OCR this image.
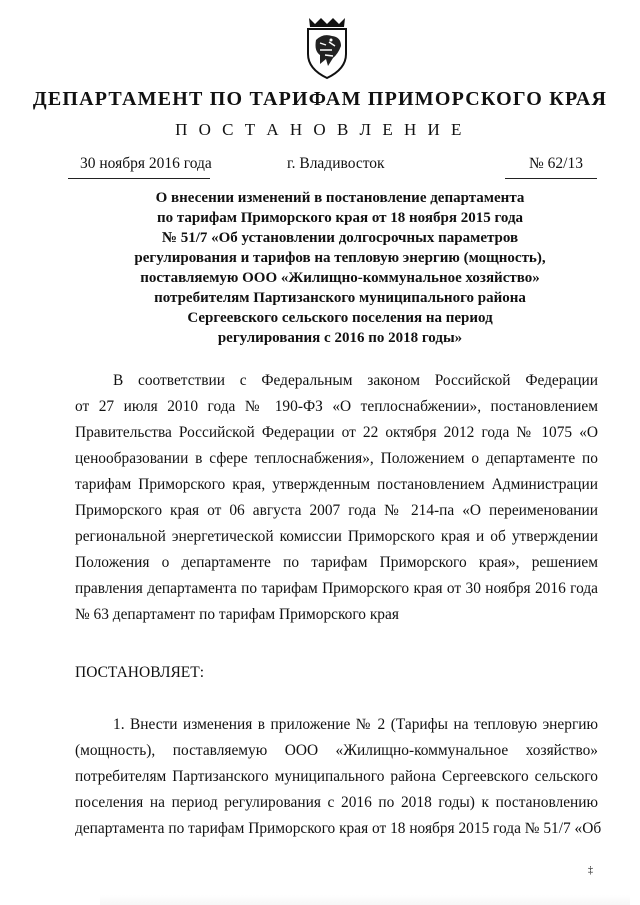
ДЕПАРТАМЕНТ ПО ТАРИФАМ ПРИМОРСКОГО КРАЯ
П О С Т А Н О В Л Е Н И Е
30 ноября 2016 года	г. Владивосток	№ 62/13
О внесении изменений в постановление департамента
по тарифам Приморского края от 18 ноября 2015 года
№ 51/7 «Об установлении долгосрочных параметров
регулирования и тарифов на тепловую энергию (мощность),
поставляемую ООО «Жилищно-коммунальное хозяйство»
потребителям Партизанского муниципального района
Сергеевского сельского поселения на период
регулирования с 2016 по 2018 годы»
В соответствии с Федеральным законом Российской Федерации
от 27 июля 2010 года № 190-ФЗ «О теплоснабжении», постановлением
Правительства Российской Федерации от 22 октября 2012 года № 1075 «О
ценообразовании в сфере теплоснабжения», Положением о департаменте по
тарифам Приморского края, утвержденным постановлением Администрации
Приморского края от 06 августа 2007 года № 214-па «О переименовании
региональной энергетической комиссии Приморского края и об утверждении
Положения о департаменте по тарифам Приморского края», решением
правления департамента по тарифам Приморского края от 30 ноября 2016 года
№ 63 департамент по тарифам Приморского края
ПОСТАНОВЛЯЕТ:
1. Внести изменения в приложение № 2 (Тарифы на тепловую энергию
(мощность), поставляемую ООО «Жилищно-коммунальное хозяйство»
потребителям Партизанского муниципального района Сергеевского сельского
поселения на период регулирования с 2016 по 2018 годы) к постановлению
департамента по тарифам Приморского края от 18 ноября 2015 года № 51/7 «Об
‡
